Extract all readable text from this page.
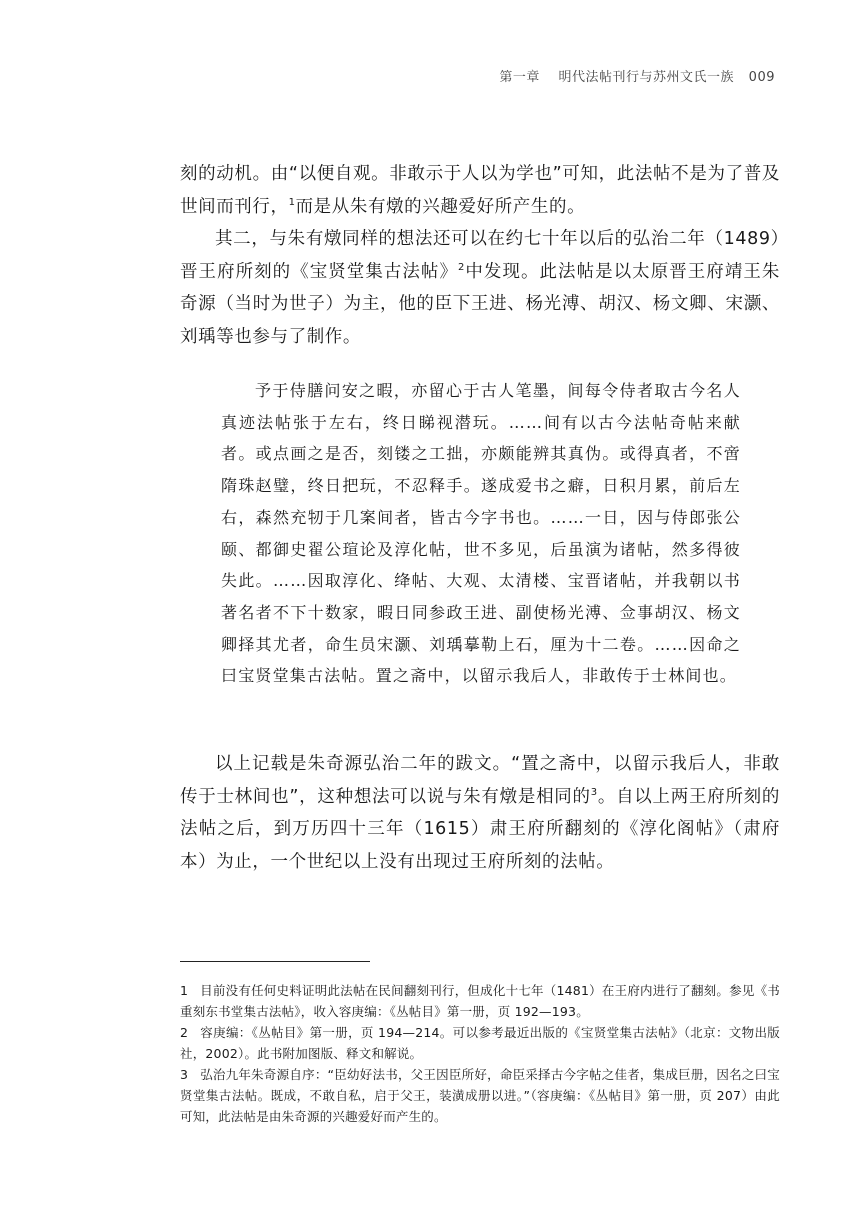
第一章 明代法帖刊行与苏州文氏一族 009

刻的动机。由“以便自观。非敢示于人以为学也”可知，此法帖不是为了普及世间而刊行，$^1$而是从朱有燉的兴趣爱好所产生的。

其二，与朱有燉同样的想法还可以在约七十年以后的弘治二年（1489）晋王府所刻的《宝贤堂集古法帖》$^2$中发现。此法帖是以太原晋王府靖王朱奇源（当时为世子）为主，他的臣下王进、杨光溥、胡汉、杨文卿、宋灏、刘瑀等也参与了制作。

予于侍膳问安之暇，亦留心于古人笔墨，间每令侍者取古今名人真迹法帖张于左右，终日睇视潜玩。……间有以古今法帖奇帖来献者。或点画之是否，刻镂之工拙，亦颇能辨其真伪。或得真者，不啻隋珠赵璧，终日把玩，不忍释手。遂成爱书之癖，日积月累，前后左右，森然充牣于几案间者，皆古今字书也。……一日，因与侍郎张公颐、都御史翟公瑄论及淳化帖，世不多见，后虽演为诸帖，然多得彼失此。……因取淳化、绛帖、大观、太清楼、宝晋诸帖，并我朝以书著名者不下十数家，暇日同参政王进、副使杨光溥、佥事胡汉、杨文卿择其尤者，命生员宋灏、刘瑀摹勒上石，厘为十二卷。……因命之曰宝贤堂集古法帖。置之斋中，以留示我后人，非敢传于士林间也。

以上记载是朱奇源弘治二年的跋文。“置之斋中，以留示我后人，非敢传于士林间也”，这种想法可以说与朱有燉是相同的$^3$。自以上两王府所刻的法帖之后，到万历四十三年（1615）肃王府所翻刻的《淳化阁帖》（肃府本）为止，一个世纪以上没有出现过王府所刻的法帖。

1 目前没有任何史料证明此法帖在民间翻刻刊行，但成化十七年（1481）在王府内进行了翻刻。参见《书重刻东书堂集古法帖》，收入容庚编：《丛帖目》第一册，页 192—193。

2 容庚编：《丛帖目》第一册，页 194—214。可以参考最近出版的《宝贤堂集古法帖》（北京：文物出版社，2002）。此书附加图版、释文和解说。

3 弘治九年朱奇源自序：“臣幼好法书，父王因臣所好，命臣采择古今字帖之佳者，集成巨册，因名之曰宝贤堂集古法帖。既成，不敢自私，启于父王，装潢成册以进。”（容庚编：《丛帖目》第一册，页 207）由此可知，此法帖是由朱奇源的兴趣爱好而产生的。
